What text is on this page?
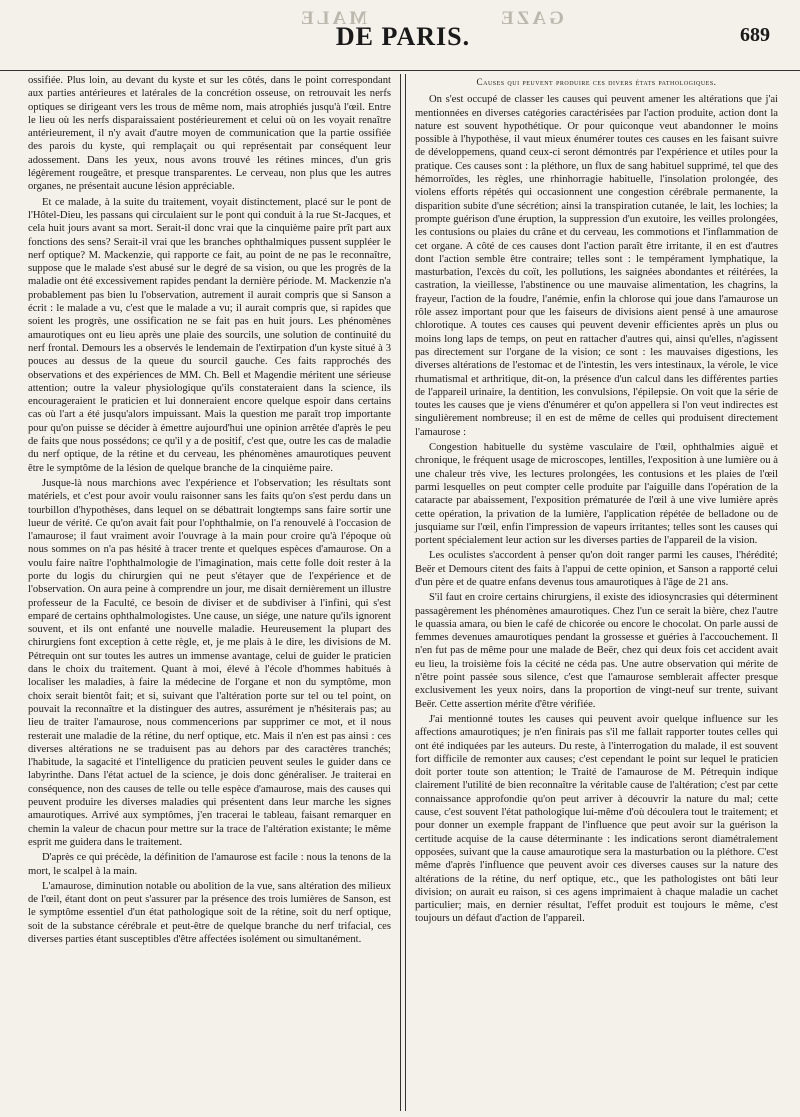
MALE	GAZE
DE PARIS.	689

ossifiée. Plus loin, au devant du kyste et sur les côtés, dans le point correspondant aux parties antérieures et latérales de la concrétion osseuse, on retrouvait les nerfs optiques se dirigeant vers les trous de même nom, mais atrophiés jusqu'à l'œil. Entre le lieu où les nerfs disparaissaient postérieurement et celui où on les voyait renaître antérieurement, il n'y avait d'autre moyen de communication que la partie ossifiée des parois du kyste, qui remplaçait ou qui représentait par conséquent leur adossement. Dans les yeux, nous avons trouvé les rétines minces, d'un gris légèrement rougeâtre, et presque transparentes. Le cerveau, non plus que les autres organes, ne présentait aucune lésion appréciable.

Et ce malade, à la suite du traitement, voyait distinctement, placé sur le pont de l'Hôtel-Dieu, les passans qui circulaient sur le pont qui conduit à la rue St-Jacques, et cela huit jours avant sa mort. Serait-il donc vrai que la cinquième paire prît part aux fonctions des sens? Serait-il vrai que les branches ophthalmiques pussent suppléer le nerf optique? M. Mackenzie, qui rapporte ce fait, au point de ne pas le reconnaître, suppose que le malade s'est abusé sur le degré de sa vision, ou que les progrès de la maladie ont été excessivement rapides pendant la dernière période. M. Mackenzie n'a probablement pas bien lu l'observation, autrement il aurait compris que si Sanson a écrit : le malade a vu, c'est que le malade a vu; il aurait compris que, si rapides que soient les progrès, une ossification ne se fait pas en huit jours. Les phénomènes amaurotiques ont eu lieu après une plaie des sourcils, une solution de continuité du nerf frontal. Demours les a observés le lendemain de l'extirpation d'un kyste situé à 3 pouces au dessus de la queue du sourcil gauche. Ces faits rapprochés des observations et des expériences de MM. Ch. Bell et Magendie méritent une sérieuse attention; outre la valeur physiologique qu'ils constateraient dans la science, ils encourageraient le praticien et lui donneraient encore quelque espoir dans certains cas où l'art a été jusqu'alors impuissant. Mais la question me paraît trop importante pour qu'on puisse se décider à émettre aujourd'hui une opinion arrêtée d'après le peu de faits que nous possédons; ce qu'il y a de positif, c'est que, outre les cas de maladie du nerf optique, de la rétine et du cerveau, les phénomènes amaurotiques peuvent être le symptôme de la lésion de quelque branche de la cinquième paire.

Jusque-là nous marchions avec l'expérience et l'observation; les résultats sont matériels, et c'est pour avoir voulu raisonner sans les faits qu'on s'est perdu dans un tourbillon d'hypothèses, dans lequel on se débattrait longtemps sans faire sortir une lueur de vérité. Ce qu'on avait fait pour l'ophthalmie, on l'a renouvelé à l'occasion de l'amaurose; il faut vraiment avoir l'ouvrage à la main pour croire qu'à l'époque où nous sommes on n'a pas hésité à tracer trente et quelques espèces d'amaurose. On a voulu faire naître l'ophthalmologie de l'imagination, mais cette folle doit rester à la porte du logis du chirurgien qui ne peut s'étayer que de l'expérience et de l'observation. On aura peine à comprendre un jour, me disait dernièrement un illustre professeur de la Faculté, ce besoin de diviser et de subdiviser à l'infini, qui s'est emparé de certains ophthalmologistes. Une cause, un siége, une nature qu'ils ignorent souvent, et ils ont enfanté une nouvelle maladie. Heureusement la plupart des chirurgiens font exception à cette règle, et, je me plais à le dire, les divisions de M. Pétrequin ont sur toutes les autres un immense avantage, celui de guider le praticien dans le choix du traitement. Quant à moi, élevé à l'école d'hommes habitués à localiser les maladies, à faire la médecine de l'organe et non du symptôme, mon choix serait bientôt fait; et si, suivant que l'altération porte sur tel ou tel point, on pouvait la reconnaître et la distinguer des autres, assurément je n'hésiterais pas; au lieu de traiter l'amaurose, nous commencerions par supprimer ce mot, et il nous resterait une maladie de la rétine, du nerf optique, etc. Mais il n'en est pas ainsi : ces diverses altérations ne se traduisent pas au dehors par des caractères tranchés; l'habitude, la sagacité et l'intelligence du praticien peuvent seules le guider dans ce labyrinthe. Dans l'état actuel de la science, je dois donc généraliser. Je traiterai en conséquence, non des causes de telle ou telle espèce d'amaurose, mais des causes qui peuvent produire les diverses maladies qui présentent dans leur marche les signes amaurotiques. Arrivé aux symptômes, j'en tracerai le tableau, faisant remarquer en chemin la valeur de chacun pour mettre sur la trace de l'altération existante; le même esprit me guidera dans le traitement.

D'après ce qui précède, la définition de l'amaurose est facile : nous la tenons de la mort, le scalpel à la main.

L'amaurose, diminution notable ou abolition de la vue, sans altération des milieux de l'œil, étant dont on peut s'assurer par la présence des trois lumières de Sanson, est le symptôme essentiel d'un état pathologique soit de la rétine, soit du nerf optique, soit de la substance cérébrale et peut-être de quelque branche du nerf trifacial, ces diverses parties étant susceptibles d'être affectées isolément ou simultanément.

Causes qui peuvent produire ces divers états pathologiques.

On s'est occupé de classer les causes qui peuvent amener les altérations que j'ai mentionnées en diverses catégories caractérisées par l'action produite, action dont la nature est souvent hypothétique. Or pour quiconque veut abandonner le moins possible à l'hypothèse, il vaut mieux énumérer toutes ces causes en les faisant suivre de développemens, quand ceux-ci seront démontrés par l'expérience et utiles pour la pratique. Ces causes sont : la pléthore, un flux de sang habituel supprimé, tel que des hémorroïdes, les règles, une rhinhorragie habituelle, l'insolation prolongée, des violens efforts répétés qui occasionnent une congestion cérébrale permanente, la disparition subite d'une sécrétion; ainsi la transpiration cutanée, le lait, les lochies; la prompte guérison d'une éruption, la suppression d'un exutoire, les veilles prolongées, les contusions ou plaies du crâne et du cerveau, les commotions et l'inflammation de cet organe. A côté de ces causes dont l'action paraît être irritante, il en est d'autres dont l'action semble être contraire; telles sont : le tempérament lymphatique, la masturbation, l'excès du coït, les pollutions, les saignées abondantes et réitérées, la castration, la vieillesse, l'abstinence ou une mauvaise alimentation, les chagrins, la frayeur, l'action de la foudre, l'anémie, enfin la chlorose qui joue dans l'amaurose un rôle assez important pour que les faiseurs de divisions aient pensé à une amaurose chlorotique. A toutes ces causes qui peuvent devenir efficientes après un plus ou moins long laps de temps, on peut en rattacher d'autres qui, ainsi qu'elles, n'agissent pas directement sur l'organe de la vision; ce sont : les mauvaises digestions, les diverses altérations de l'estomac et de l'intestin, les vers intestinaux, la vérole, le vice rhumatismal et arthritique, dit-on, la présence d'un calcul dans les différentes parties de l'appareil urinaire, la dentition, les convulsions, l'épilepsie. On voit que la série de toutes les causes que je viens d'énumérer et qu'on appellera si l'on veut indirectes est singulièrement nombreuse; il en est de même de celles qui produisent directement l'amaurose :

Congestion habituelle du système vasculaire de l'œil, ophthalmies aiguë et chronique, le fréquent usage de microscopes, lentilles, l'exposition à une lumière ou à une chaleur très vive, les lectures prolongées, les contusions et les plaies de l'œil parmi lesquelles on peut compter celle produite par l'aiguille dans l'opération de la cataracte par abaissement, l'exposition prématurée de l'œil à une vive lumière après cette opération, la privation de la lumière, l'application répétée de belladone ou de jusquiame sur l'œil, enfin l'impression de vapeurs irritantes; telles sont les causes qui portent spécialement leur action sur les diverses parties de l'appareil de la vision.

Les oculistes s'accordent à penser qu'on doit ranger parmi les causes, l'hérédité; Beër et Demours citent des faits à l'appui de cette opinion, et Sanson a rapporté celui d'un père et de quatre enfans devenus tous amaurotiques à l'âge de 21 ans.

S'il faut en croire certains chirurgiens, il existe des idiosyncrasies qui déterminent passagèrement les phénomènes amaurotiques. Chez l'un ce serait la bière, chez l'autre le quassia amara, ou bien le café de chicorée ou encore le chocolat. On parle aussi de femmes devenues amaurotiques pendant la grossesse et guéries à l'accouchement. Il n'en fut pas de même pour une malade de Beër, chez qui deux fois cet accident avait eu lieu, la troisième fois la cécité ne céda pas. Une autre observation qui mérite de n'être point passée sous silence, c'est que l'amaurose semblerait affecter presque exclusivement les yeux noirs, dans la proportion de vingt-neuf sur trente, suivant Beër. Cette assertion mérite d'être vérifiée.

J'ai mentionné toutes les causes qui peuvent avoir quelque influence sur les affections amaurotiques; je n'en finirais pas s'il me fallait rapporter toutes celles qui ont été indiquées par les auteurs. Du reste, à l'interrogation du malade, il est souvent fort difficile de remonter aux causes; c'est cependant le point sur lequel le praticien doit porter toute son attention; le Traité de l'amaurose de M. Pétrequin indique clairement l'utilité de bien reconnaître la véritable cause de l'altération; c'est par cette connaissance approfondie qu'on peut arriver à découvrir la nature du mal; cette cause, c'est souvent l'état pathologique lui-même d'où découlera tout le traitement; et pour donner un exemple frappant de l'influence que peut avoir sur la guérison la certitude acquise de la cause déterminante : les indications seront diamétralement opposées, suivant que la cause amaurotique sera la masturbation ou la pléthore. C'est même d'après l'influence que peuvent avoir ces diverses causes sur la nature des altérations de la rétine, du nerf optique, etc., que les pathologistes ont bâti leur division; on aurait eu raison, si ces agens imprimaient à chaque maladie un cachet particulier; mais, en dernier résultat, l'effet produit est toujours le même, c'est toujours un défaut d'action de l'appareil.
